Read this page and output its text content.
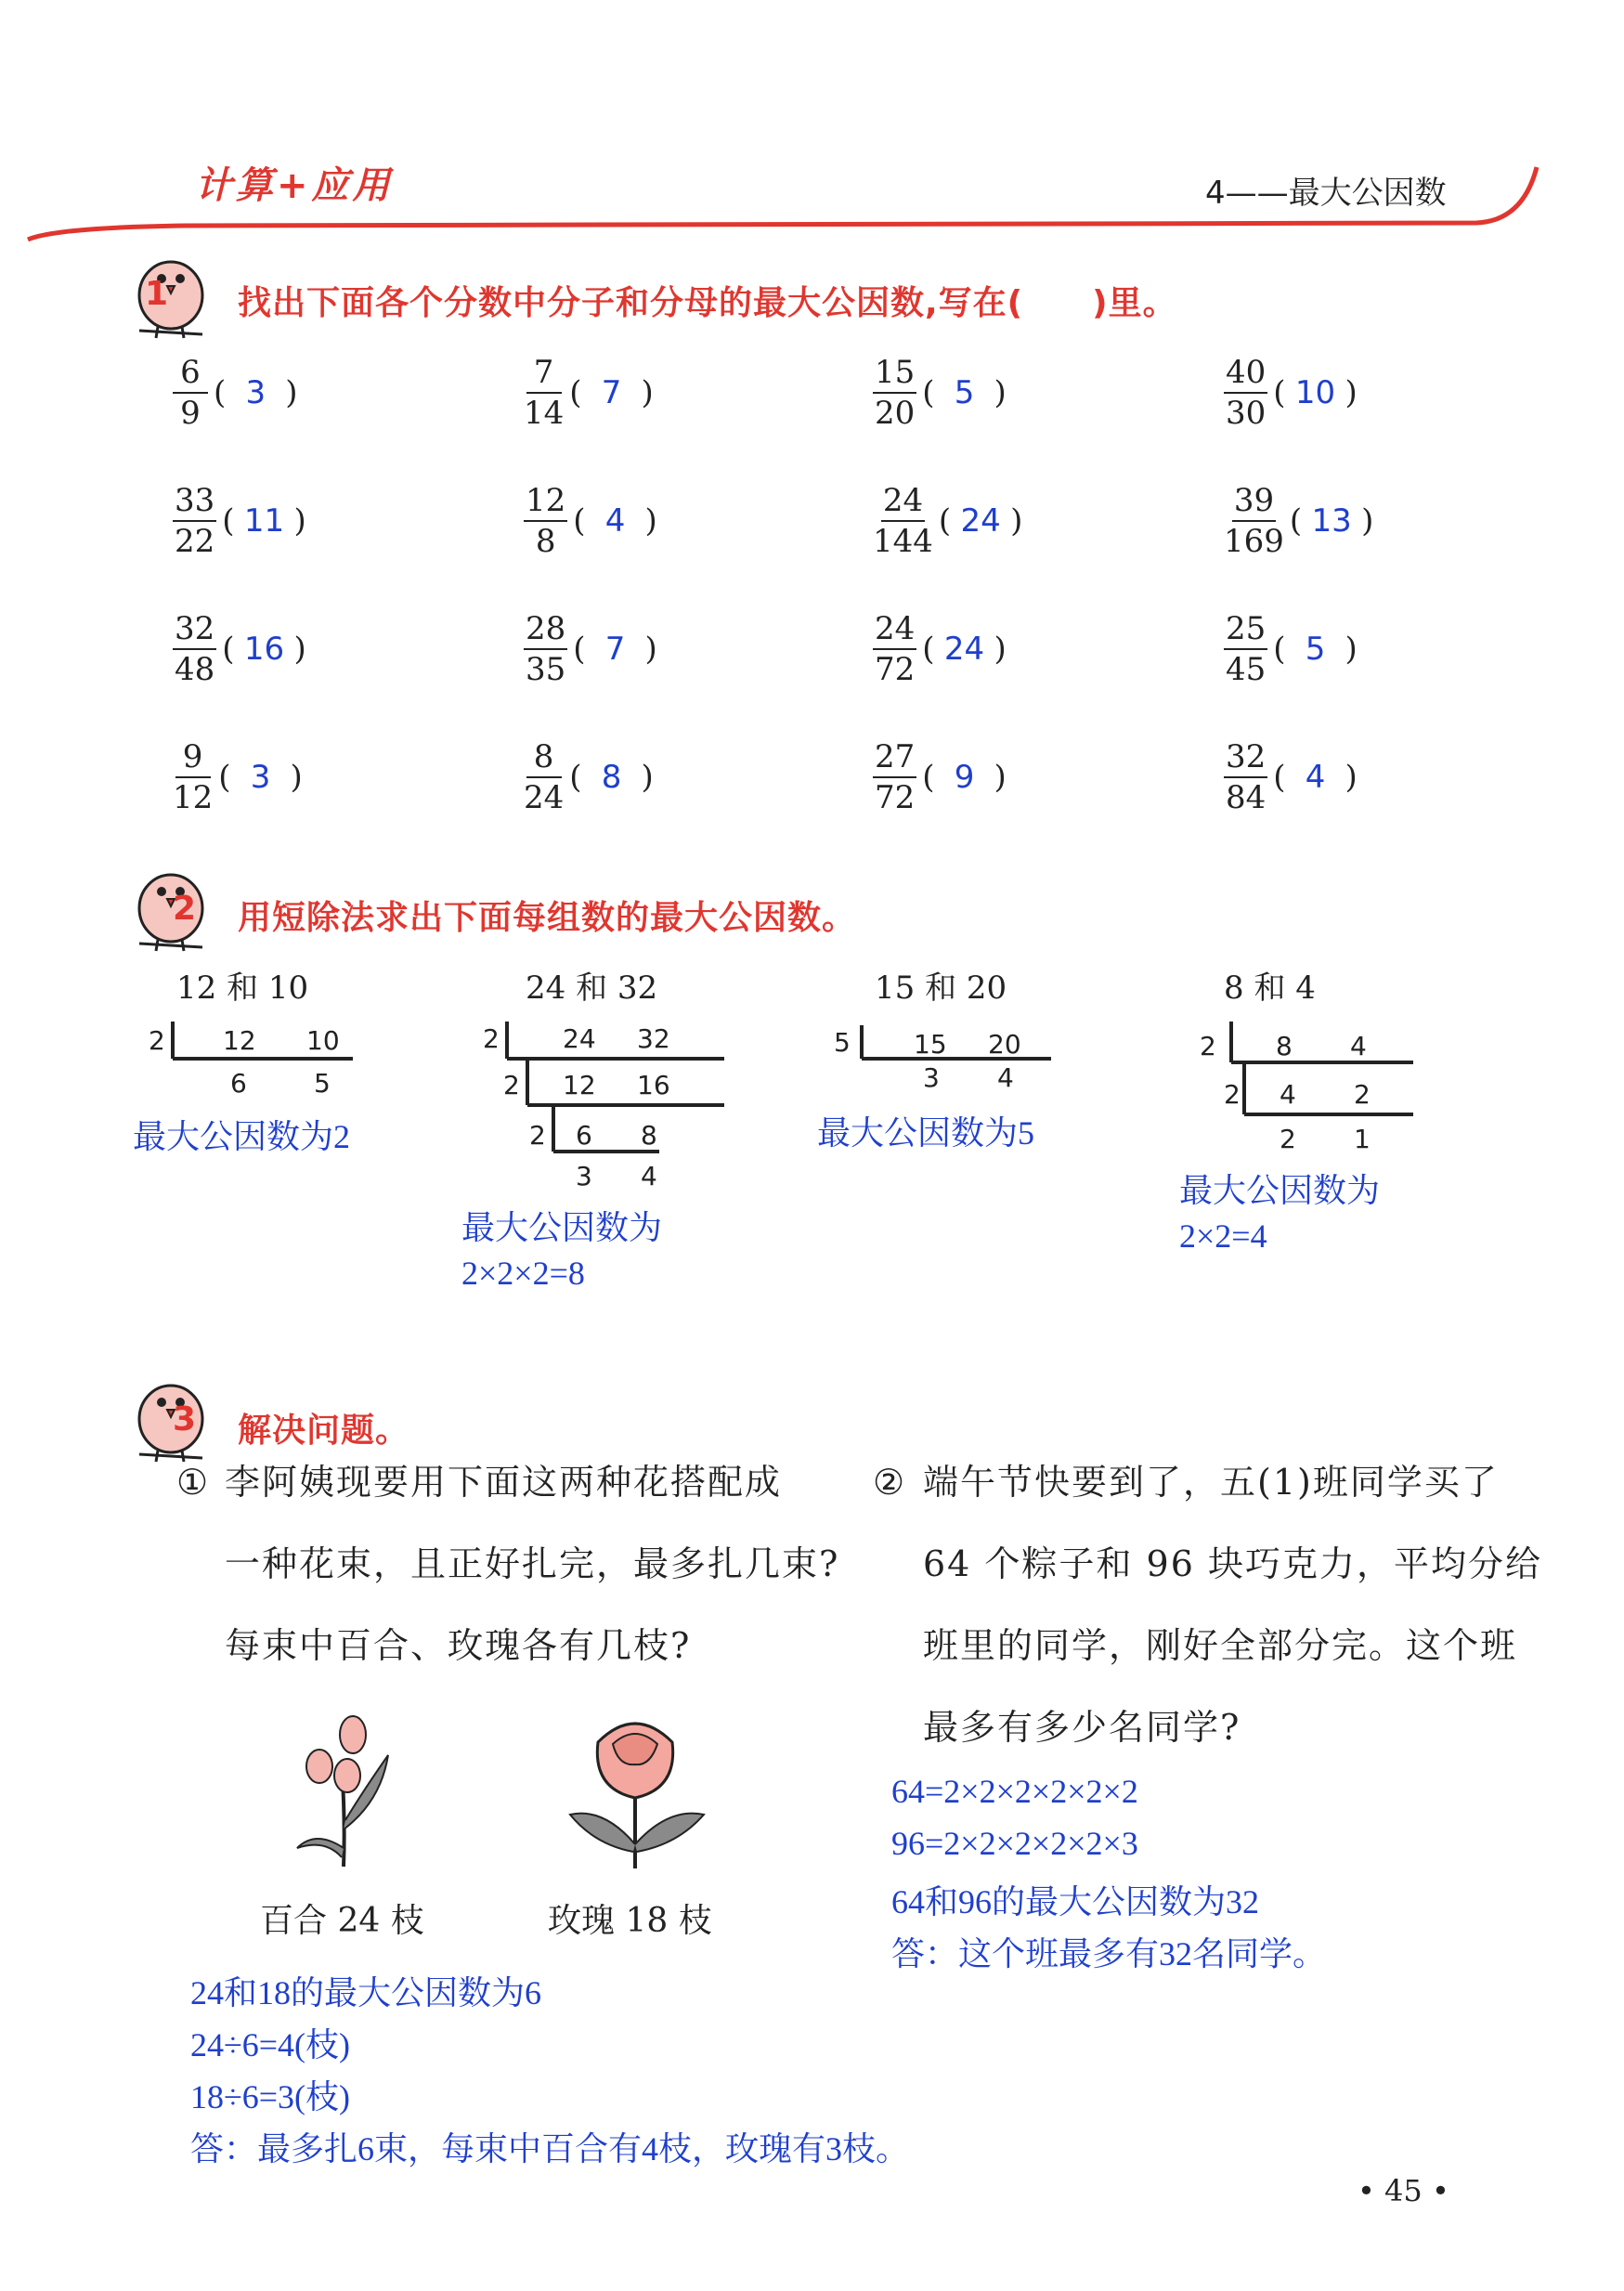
计算+应用	4——最大公因数
1 找出下面各个分数中分子和分母的最大公因数,写在(　　)里。
$\frac{6}{9}$ ( 3 )	$\frac{7}{14}$ ( 7 )	$\frac{15}{20}$ ( 5 )	$\frac{40}{30}$ ( 10 )
$\frac{33}{22}$ ( 11 )	$\frac{12}{8}$ ( 4 )	$\frac{24}{144}$ ( 24 )	$\frac{39}{169}$ ( 13 )
$\frac{32}{48}$ ( 16 )	$\frac{28}{35}$ ( 7 )	$\frac{24}{72}$ ( 24 )	$\frac{25}{45}$ ( 5 )
$\frac{9}{12}$ ( 3 )	$\frac{8}{24}$ ( 8 )	$\frac{27}{72}$ ( 9 )	$\frac{32}{84}$ ( 4 )
2 用短除法求出下面每组数的最大公因数。
12 和 10
2 12 10
6	5
最大公因数为2
24 和 32
2 24 32
2 12 16
2 6 8
3 4
最大公因数为
2×2×2=8
15 和 20
5 15 20
3 4
最大公因数为5
8 和 4
2 8 4
2 4 2
2 1
最大公因数为
2×2=4
3 解决问题。
① 李阿姨现要用下面这两种花搭配成
一种花束，且正好扎完，最多扎几束?
每束中百合、玫瑰各有几枝?
百合 24 枝	玫瑰 18 枝
24和18的最大公因数为6
24÷6=4(枝)
18÷6=3(枝)
答：最多扎6束，每束中百合有4枝，玫瑰有3枝。
② 端午节快要到了，五(1)班同学买了
64 个粽子和 96 块巧克力，平均分给
班里的同学，刚好全部分完。这个班
最多有多少名同学?
64=2×2×2×2×2×2
96=2×2×2×2×2×3
64和96的最大公因数为32
答：这个班最多有32名同学。
• 45 •
